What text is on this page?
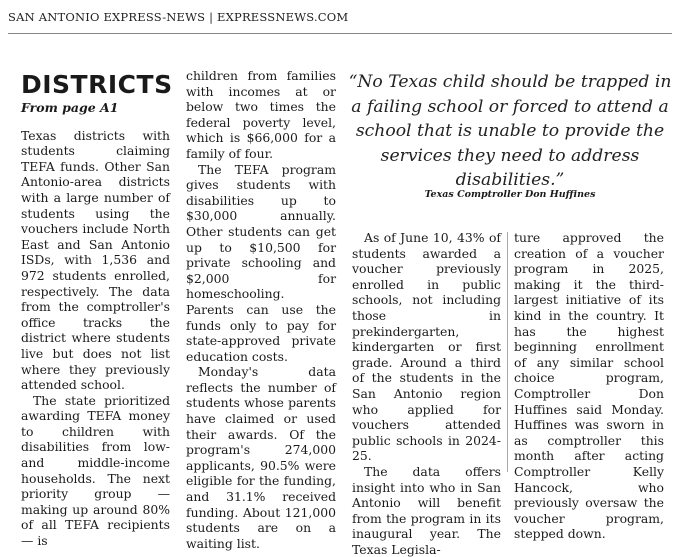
SAN ANTONIO EXPRESS-NEWS | EXPRESSNEWS.COM
DISTRICTS
From page A1

Texas districts with students claiming TEFA funds. Other San Antonio-area districts with a large number of students using the vouchers include North East and San Antonio ISDs, with 1,536 and 972 students enrolled, respectively. The data from the comptroller's office tracks the district where students live but does not list where they previously attended school.

The state prioritized awarding TEFA money to children with disabilities from low- and middle-income households. The next priority group — making up around 80% of all TEFA recipients — is

children from families with incomes at or below two times the federal poverty level, which is $66,000 for a family of four.

The TEFA program gives students with disabilities up to $30,000 annually. Other students can get up to $10,500 for private schooling and $2,000 for homeschooling. Parents can use the funds only to pay for state-approved private education costs.

Monday's data reflects the number of students whose parents have claimed or used their awards. Of the program's 274,000 applicants, 90.5% were eligible for the funding, and 31.1% received funding. About 121,000 students are on a waiting list.

“No Texas child should be trapped in a failing school or forced to attend a school that is unable to provide the services they need to address disabilities.”
Texas Comptroller Don Huffines

As of June 10, 43% of students awarded a voucher previously enrolled in public schools, not including those in prekindergarten, kindergarten or first grade. Around a third of the students in the San Antonio region who applied for vouchers attended public schools in 2024-25.

The data offers insight into who in San Antonio will benefit from the program in its inaugural year. The Texas Legisla-

ture approved the creation of a voucher program in 2025, making it the third-largest initiative of its kind in the country. It has the highest beginning enrollment of any similar school choice program, Comptroller Don Huffines said Monday. Huffines was sworn in as comptroller this month after acting Comptroller Kelly Hancock, who previously oversaw the voucher program, stepped down.
